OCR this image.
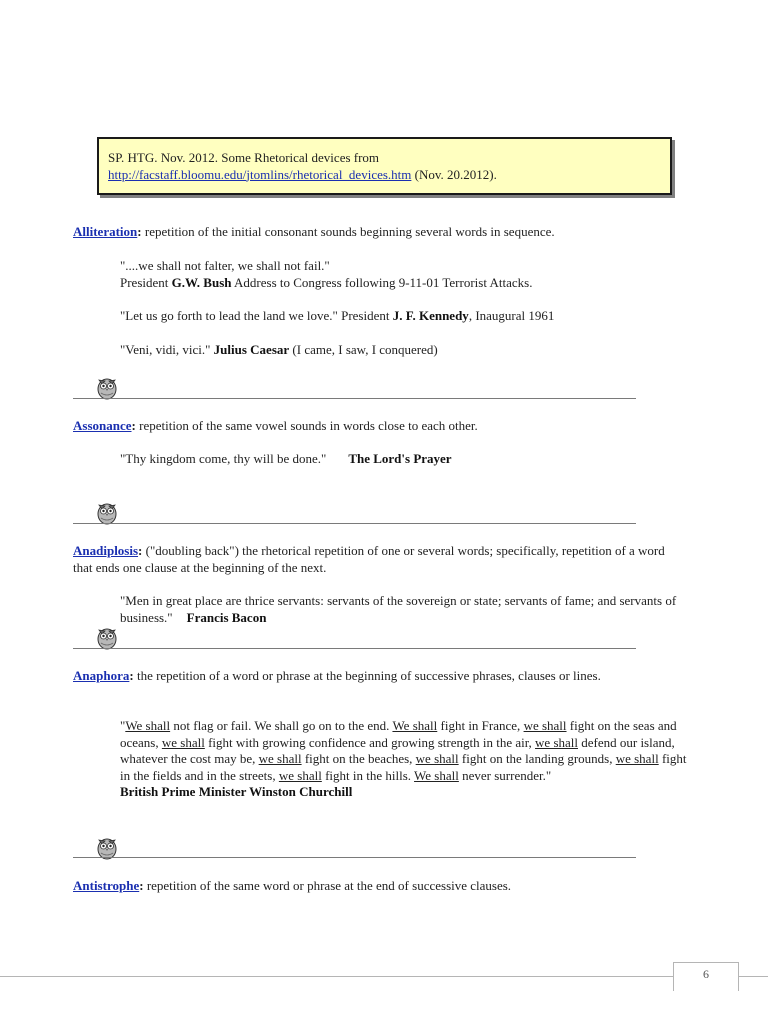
SP. HTG. Nov. 2012. Some Rhetorical devices from
http://facstaff.bloomu.edu/jtomlins/rhetorical_devices.htm (Nov. 20.2012).
Alliteration: repetition of the initial consonant sounds beginning several words in sequence.
"....we shall not falter, we shall not fail."
President G.W. Bush Address to Congress following 9-11-01 Terrorist Attacks.
"Let us go forth to lead the land we love." President J. F. Kennedy, Inaugural 1961
"Veni, vidi, vici." Julius Caesar (I came, I saw, I conquered)
Assonance: repetition of the same vowel sounds in words close to each other.
"Thy kingdom come, thy will be done." The Lord's Prayer
Anadiplosis: ("doubling back") the rhetorical repetition of one or several words; specifically, repetition of a word that ends one clause at the beginning of the next.
"Men in great place are thrice servants: servants of the sovereign or state; servants of fame; and servants of business." Francis Bacon
Anaphora: the repetition of a word or phrase at the beginning of successive phrases, clauses or lines.
"We shall not flag or fail. We shall go on to the end. We shall fight in France, we shall fight on the seas and oceans, we shall fight with growing confidence and growing strength in the air, we shall defend our island, whatever the cost may be, we shall fight on the beaches, we shall fight on the landing grounds, we shall fight in the fields and in the streets, we shall fight in the hills. We shall never surrender."
British Prime Minister Winston Churchill
Antistrophe: repetition of the same word or phrase at the end of successive clauses.
6
